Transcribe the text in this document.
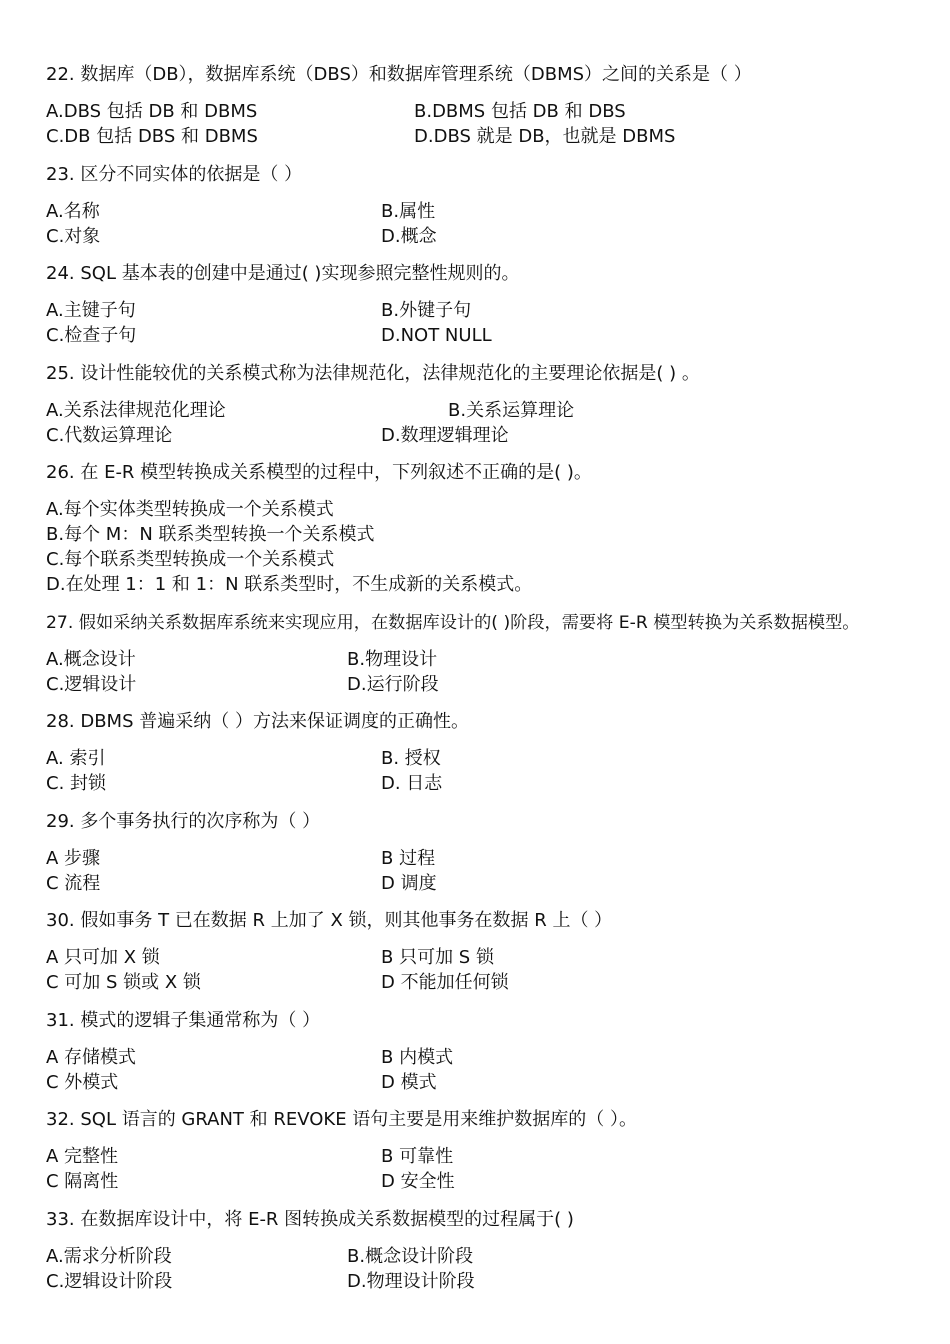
22. 数据库（DB），数据库系统（DBS）和数据库管理系统（DBMS）之间的关系是（ ）
A.DBS 包括 DB 和 DBMS	B.DBMS 包括 DB 和 DBS
C.DB 包括 DBS 和 DBMS	D.DBS 就是 DB，也就是 DBMS
23. 区分不同实体的依据是（ ）
A.名称	B.属性
C.对象	D.概念
24. SQL 基本表的创建中是通过( )实现参照完整性规则的。
A.主键子句	B.外键子句
C.检查子句	D.NOT NULL
25. 设计性能较优的关系模式称为法律规范化，法律规范化的主要理论依据是( ) 。
A.关系法律规范化理论	B.关系运算理论
C.代数运算理论	D.数理逻辑理论
26. 在 E-R 模型转换成关系模型的过程中，下列叙述不正确的是( )。
A.每个实体类型转换成一个关系模式
B.每个 M：N 联系类型转换一个关系模式
C.每个联系类型转换成一个关系模式
D.在处理 1：1 和 1：N 联系类型时，不生成新的关系模式。
27. 假如采纳关系数据库系统来实现应用，在数据库设计的( )阶段，需要将 E-R 模型转换为关系数据模型。
A.概念设计	B.物理设计
C.逻辑设计	D.运行阶段
28. DBMS 普遍采纳（ ）方法来保证调度的正确性。
A. 索引	B. 授权
C. 封锁	D. 日志
29. 多个事务执行的次序称为（ ）
A 步骤	B 过程
C 流程	D 调度
30. 假如事务 T 已在数据 R 上加了 X 锁，则其他事务在数据 R 上（ ）
A 只可加 X 锁	B 只可加 S 锁
C 可加 S 锁或 X 锁	D 不能加任何锁
31. 模式的逻辑子集通常称为（ ）
A 存储模式	B 内模式
C 外模式	D 模式
32. SQL 语言的 GRANT 和 REVOKE 语句主要是用来维护数据库的（ ）。
A 完整性	B 可靠性
C 隔离性	D 安全性
33. 在数据库设计中，将 E-R 图转换成关系数据模型的过程属于( )
A.需求分析阶段	B.概念设计阶段
C.逻辑设计阶段	D.物理设计阶段
